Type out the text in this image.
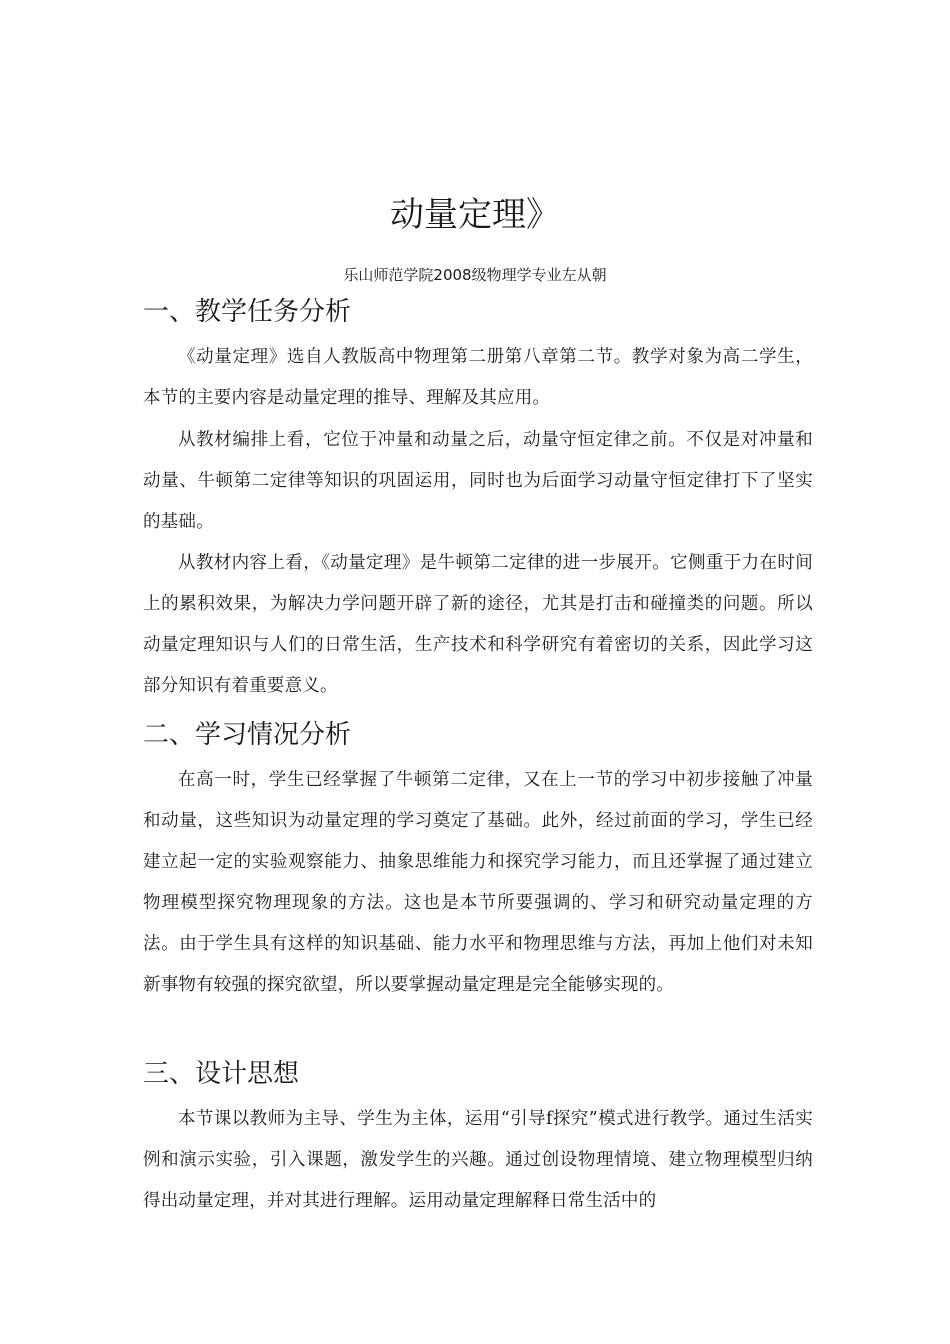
动量定理》

乐山师范学院2008级物理学专业左从朝

一、教学任务分析

《动量定理》选自人教版高中物理第二册第八章第二节。教学对象为高二学生，本节的主要内容是动量定理的推导、理解及其应用。

从教材编排上看，它位于冲量和动量之后，动量守恒定律之前。不仅是对冲量和动量、牛顿第二定律等知识的巩固运用，同时也为后面学习动量守恒定律打下了坚实的基础。

从教材内容上看，《动量定理》是牛顿第二定律的进一步展开。它侧重于力在时间上的累积效果，为解决力学问题开辟了新的途径，尤其是打击和碰撞类的问题。所以动量定理知识与人们的日常生活，生产技术和科学研究有着密切的关系，因此学习这部分知识有着重要意义。

二、学习情况分析

在高一时，学生已经掌握了牛顿第二定律，又在上一节的学习中初步接触了冲量和动量，这些知识为动量定理的学习奠定了基础。此外，经过前面的学习，学生已经建立起一定的实验观察能力、抽象思维能力和探究学习能力，而且还掌握了通过建立物理模型探究物理现象的方法。这也是本节所要强调的、学习和研究动量定理的方法。由于学生具有这样的知识基础、能力水平和物理思维与方法，再加上他们对未知新事物有较强的探究欲望，所以要掌握动量定理是完全能够实现的。

三、设计思想

本节课以教师为主导、学生为主体，运用“引导f探究”模式进行教学。通过生活实例和演示实验，引入课题，激发学生的兴趣。通过创设物理情境、建立物理模型归纳得出动量定理，并对其进行理解。运用动量定理解释日常生活中的
